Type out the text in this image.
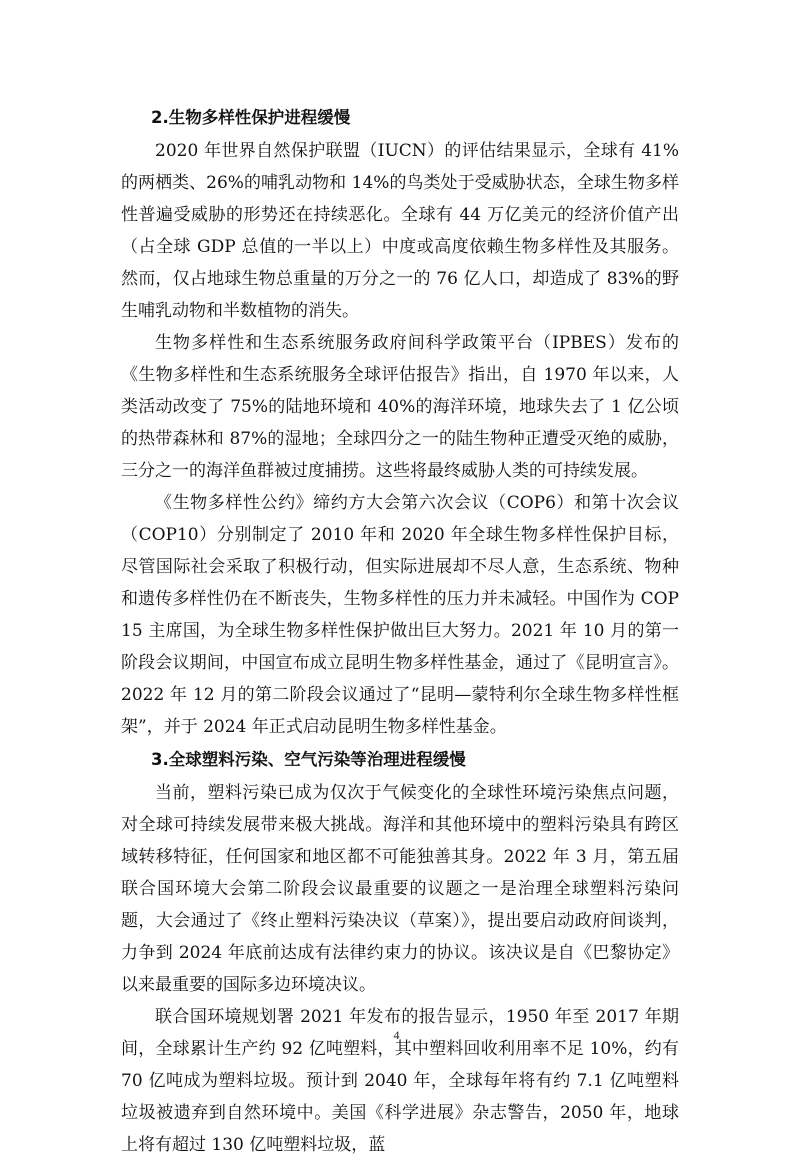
2.生物多样性保护进程缓慢

2020 年世界自然保护联盟（IUCN）的评估结果显示，全球有 41%的两栖类、26%的哺乳动物和 14%的鸟类处于受威胁状态，全球生物多样性普遍受威胁的形势还在持续恶化。全球有 44 万亿美元的经济价值产出（占全球 GDP 总值的一半以上）中度或高度依赖生物多样性及其服务。然而，仅占地球生物总重量的万分之一的 76 亿人口，却造成了 83%的野生哺乳动物和半数植物的消失。

生物多样性和生态系统服务政府间科学政策平台（IPBES）发布的《生物多样性和生态系统服务全球评估报告》指出，自 1970 年以来，人类活动改变了 75%的陆地环境和 40%的海洋环境，地球失去了 1 亿公顷的热带森林和 87%的湿地；全球四分之一的陆生物种正遭受灭绝的威胁，三分之一的海洋鱼群被过度捕捞。这些将最终威胁人类的可持续发展。

《生物多样性公约》缔约方大会第六次会议（COP6）和第十次会议（COP10）分别制定了 2010 年和 2020 年全球生物多样性保护目标，尽管国际社会采取了积极行动，但实际进展却不尽人意，生态系统、物种和遗传多样性仍在不断丧失，生物多样性的压力并未减轻。中国作为 COP15 主席国，为全球生物多样性保护做出巨大努力。2021 年 10 月的第一阶段会议期间，中国宣布成立昆明生物多样性基金，通过了《昆明宣言》。2022 年 12 月的第二阶段会议通过了“昆明—蒙特利尔全球生物多样性框架”，并于 2024 年正式启动昆明生物多样性基金。

3.全球塑料污染、空气污染等治理进程缓慢

当前，塑料污染已成为仅次于气候变化的全球性环境污染焦点问题，对全球可持续发展带来极大挑战。海洋和其他环境中的塑料污染具有跨区域转移特征，任何国家和地区都不可能独善其身。2022 年 3 月，第五届联合国环境大会第二阶段会议最重要的议题之一是治理全球塑料污染问题，大会通过了《终止塑料污染决议（草案）》，提出要启动政府间谈判，力争到 2024 年底前达成有法律约束力的协议。该决议是自《巴黎协定》以来最重要的国际多边环境决议。

联合国环境规划署 2021 年发布的报告显示，1950 年至 2017 年期间，全球累计生产约 92 亿吨塑料，其中塑料回收利用率不足 10%，约有 70 亿吨成为塑料垃圾。预计到 2040 年，全球每年将有约 7.1 亿吨塑料垃圾被遗弃到自然环境中。美国《科学进展》杂志警告，2050 年，地球上将有超过 130 亿吨塑料垃圾，蓝

4
